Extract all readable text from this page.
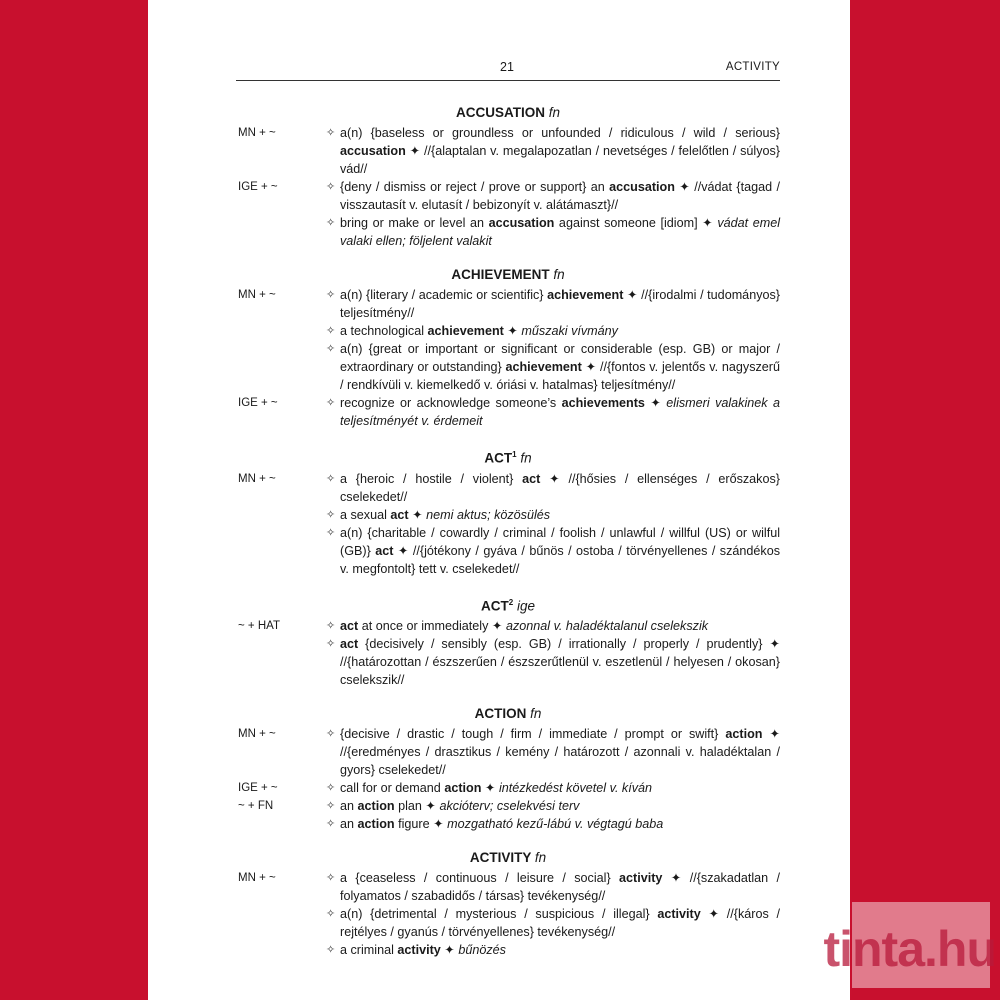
21	ACTIVITY
ACCUSATION fn
MN + ~	✧ a(n) {baseless or groundless or unfounded / ridiculous / wild / serious} accusation ✦ //{alaptalan v. megalapozatlan / nevetséges / felelőtlen / súlyos} vád//
IGE + ~	✧ {deny / dismiss or reject / prove or support} an accusation ✦ //vádat {tagad / visszautasít v. elutasít / bebizonyít v. alátámaszt}//
✧ bring or make or level an accusation against someone [idiom] ✦ vádat emel valaki ellen; följelent valakit
ACHIEVEMENT fn
MN + ~	✧ a(n) {literary / academic or scientific} achievement ✦ //{irodalmi / tudományos} teljesítmény//
✧ a technological achievement ✦ műszaki vívmány
✧ a(n) {great or important or significant or considerable (esp. GB) or major / extraordinary or outstanding} achievement ✦ //{fontos v. jelentős v. nagyszerű / rendkívüli v. kiemelkedő v. óriási v. hatalmas} teljesítmény//
IGE + ~	✧ recognize or acknowledge someone’s achievements ✦ elismeri valakinek a teljesítményét v. érdemeit
ACT$^1$ fn
MN + ~	✧ a {heroic / hostile / violent} act ✦ //{hősies / ellenséges / erőszakos} cselekedet//
✧ a sexual act ✦ nemi aktus; közösülés
✧ a(n) {charitable / cowardly / criminal / foolish / unlawful / willful (US) or wilful (GB)} act ✦ //{jótékony / gyáva / bűnös / ostoba / törvényellenes / szándékos v. megfontolt} tett v. cselekedet//
ACT$^2$ ige
~ + HAT	✧ act at once or immediately ✦ azonnal v. haladéktalanul cselekszik
✧ act {decisively / sensibly (esp. GB) / irrationally / properly / prudently} ✦ //{határozottan / észszerűen / észszerűtlenül v. eszetlenül / helyesen / okosan} cselekszik//
ACTION fn
MN + ~	✧ {decisive / drastic / tough / firm / immediate / prompt or swift} action ✦ //{eredményes / drasztikus / kemény / határozott / azonnali v. haladéktalan / gyors} cselekedet//
IGE + ~	✧ call for or demand action ✦ intézkedést követel v. kíván
~ + FN	✧ an action plan ✦ akcióterv; cselekvési terv
✧ an action figure ✦ mozgatható kezű-lábú v. végtagú baba
ACTIVITY fn
MN + ~	✧ a {ceaseless / continuous / leisure / social} activity ✦ //{szakadatlan / folyamatos / szabadidős / társas} tevékenység//
✧ a(n) {detrimental / mysterious / suspicious / illegal} activity ✦ //{káros / rejtélyes / gyanús / törvényellenes} tevékenység//
✧ a criminal activity ✦ bűnözés	tinta.hu
